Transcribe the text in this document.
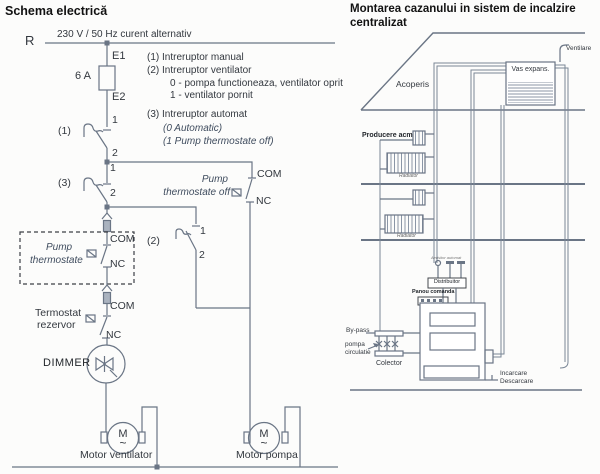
Schema electrică
230 V / 50 Hz curent alternativ
R
E1
6 A
E2
1
(1)
2
COM
NC
Pump
thermostate off
1
(3)
2
(2)
1
2
COM
Pump
thermostate	NC
COM
Termostat
rezervor
NC
DIMMER
M
~
Motor ventilator
M
~
Motor pompa
(1) Intreruptor manual
(2) Intreruptor ventilator
0 - pompa functioneaza, ventilator oprit
1 - ventilator pornit
(3) Intreruptor automat
(0 Automatic)
(1 Pump thermostate off)
Montarea cazanului in sistem de incalzire
centralizat
Acoperis
Ventilare
Vas expans.
Producere acm
Radiator
Radiator
Aerisitor automat
Distribuitor
Panou comanda
By-pass
pompa
circulatie
Colector
Incarcare
Descarcare
